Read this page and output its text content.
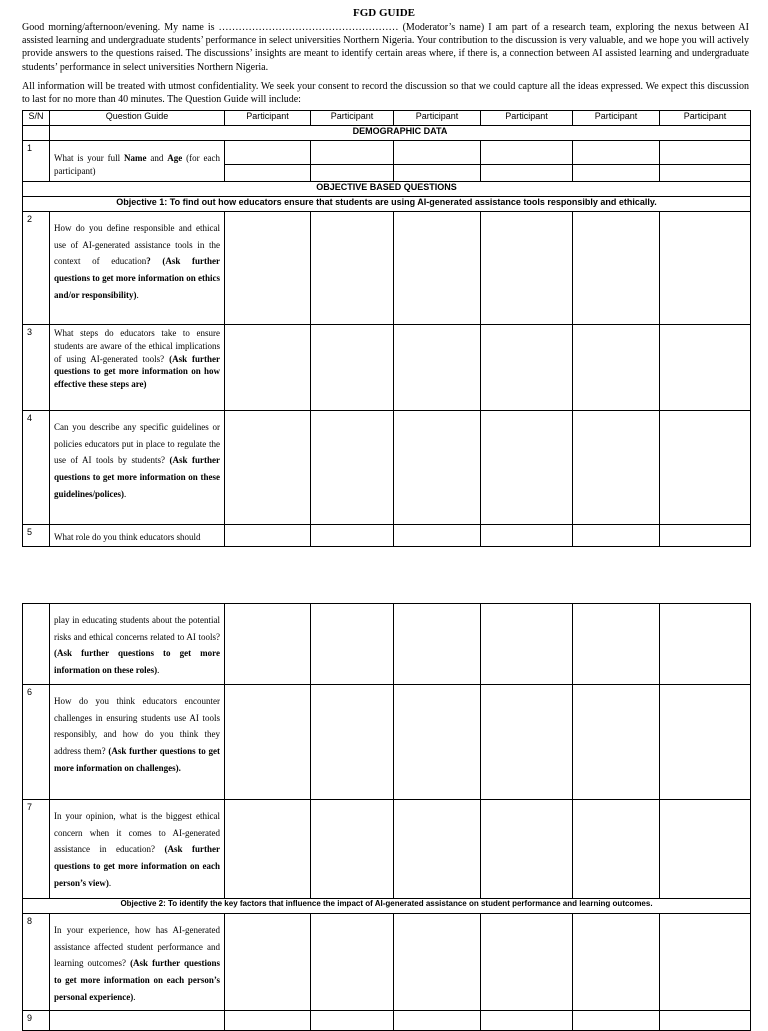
FGD GUIDE

Good morning/afternoon/evening. My name is ……………………………………………… (Moderator’s name) I am part of a research team, exploring the nexus between AI assisted learning and undergraduate students’ performance in select universities Northern Nigeria. Your contribution to the discussion is very valuable, and we hope you will actively provide answers to the questions raised. The discussions’ insights are meant to identify certain areas where, if there is, a connection between AI assisted learning and undergraduate students’ performance in select universities Northern Nigeria.

All information will be treated with utmost confidentiality. We seek your consent to record the discussion so that we could capture all the ideas expressed. We expect this discussion to last for no more than 40 minutes. The Question Guide will include:

S/N	Question Guide	Participant	Participant	Participant	Participant	Participant	Participant
	DEMOGRAPHIC DATA						
1	What is your full Name and Age (for each participant)						

OBJECTIVE BASED QUESTIONS							
Objective 1: To find out how educators ensure that students are using AI-generated assistance tools responsibly and ethically.							
2	How do you define responsible and ethical use of AI-generated assistance tools in the context of education? (Ask further questions to get more information on ethics and/or responsibility).						
3	What steps do educators take to ensure students are aware of the ethical implications of using AI-generated tools? (Ask further questions to get more information on how effective these steps are)						
4	Can you describe any specific guidelines or policies educators put in place to regulate the use of AI tools by students? (Ask further questions to get more information on these guidelines/polices).						
5	What role do you think educators should						
	play in educating students about the potential risks and ethical concerns related to AI tools? (Ask further questions to get more information on these roles).						
6	How do you think educators encounter challenges in ensuring students use AI tools responsibly, and how do you think they address them? (Ask further questions to get more information on challenges).						
7	In your opinion, what is the biggest ethical concern when it comes to AI-generated assistance in education? (Ask further questions to get more information on each person’s view).						
Objective 2: To identify the key factors that influence the impact of AI-generated assistance on student performance and learning outcomes.							
8	In your experience, how has AI-generated assistance affected student performance and learning outcomes? (Ask further questions to get more information on each person’s personal experience).						
9							
